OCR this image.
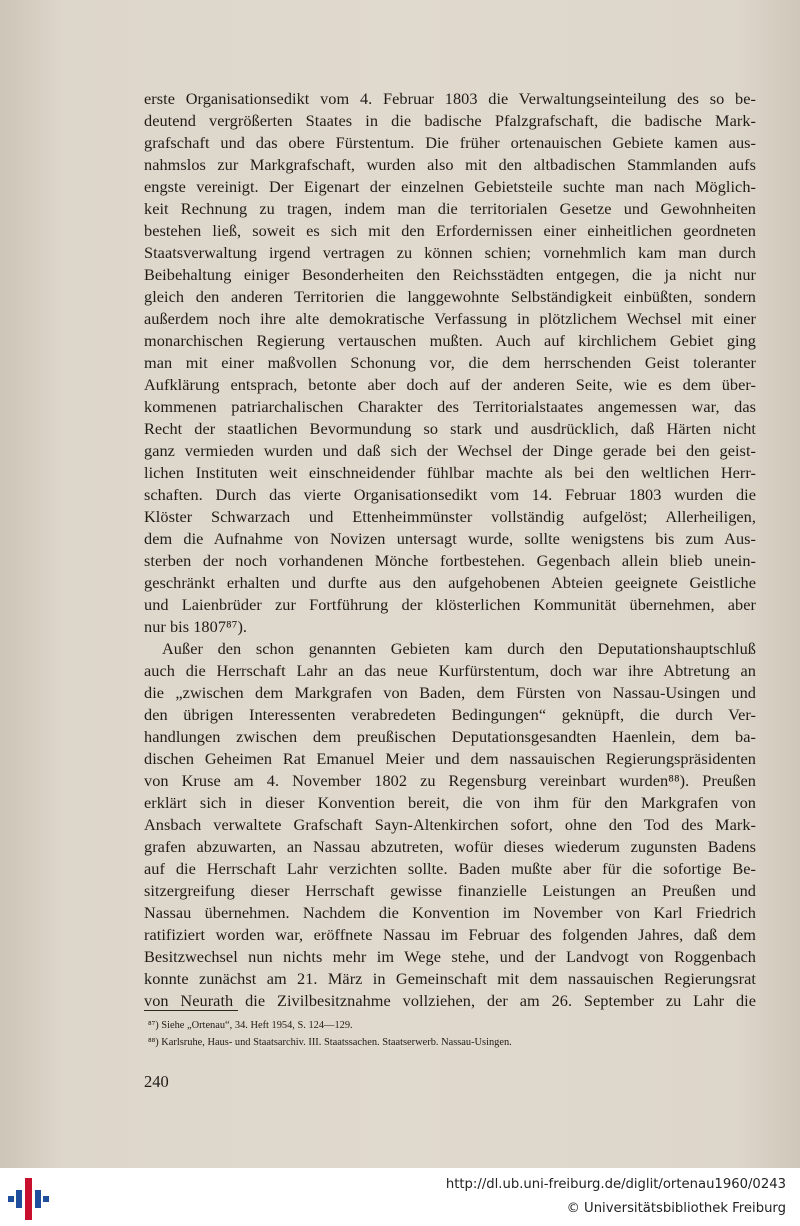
erste Organisationsedikt vom 4. Februar 1803 die Verwaltungseinteilung des so be-
deutend vergrößerten Staates in die badische Pfalzgrafschaft, die badische Mark-
grafschaft und das obere Fürstentum. Die früher ortenauischen Gebiete kamen aus-
nahmslos zur Markgrafschaft, wurden also mit den altbadischen Stammlanden aufs
engste vereinigt. Der Eigenart der einzelnen Gebietsteile suchte man nach Möglich-
keit Rechnung zu tragen, indem man die territorialen Gesetze und Gewohnheiten
bestehen ließ, soweit es sich mit den Erfordernissen einer einheitlichen geordneten
Staatsverwaltung irgend vertragen zu können schien; vornehmlich kam man durch
Beibehaltung einiger Besonderheiten den Reichsstädten entgegen, die ja nicht nur
gleich den anderen Territorien die langgewohnte Selbständigkeit einbüßten, sondern
außerdem noch ihre alte demokratische Verfassung in plötzlichem Wechsel mit einer
monarchischen Regierung vertauschen mußten. Auch auf kirchlichem Gebiet ging
man mit einer maßvollen Schonung vor, die dem herrschenden Geist toleranter
Aufklärung entsprach, betonte aber doch auf der anderen Seite, wie es dem über-
kommenen patriarchalischen Charakter des Territorialstaates angemessen war, das
Recht der staatlichen Bevormundung so stark und ausdrücklich, daß Härten nicht
ganz vermieden wurden und daß sich der Wechsel der Dinge gerade bei den geist-
lichen Instituten weit einschneidender fühlbar machte als bei den weltlichen Herr-
schaften. Durch das vierte Organisationsedikt vom 14. Februar 1803 wurden die
Klöster Schwarzach und Ettenheimmünster vollständig aufgelöst; Allerheiligen,
dem die Aufnahme von Novizen untersagt wurde, sollte wenigstens bis zum Aus-
sterben der noch vorhandenen Mönche fortbestehen. Gegenbach allein blieb unein-
geschränkt erhalten und durfte aus den aufgehobenen Abteien geeignete Geistliche
und Laienbrüder zur Fortführung der klösterlichen Kommunität übernehmen, aber
nur bis 1807⁸⁷).
Außer den schon genannten Gebieten kam durch den Deputationshauptschluß
auch die Herrschaft Lahr an das neue Kurfürstentum, doch war ihre Abtretung an
die „zwischen dem Markgrafen von Baden, dem Fürsten von Nassau-Usingen und
den übrigen Interessenten verabredeten Bedingungen“ geknüpft, die durch Ver-
handlungen zwischen dem preußischen Deputationsgesandten Haenlein, dem ba-
dischen Geheimen Rat Emanuel Meier und dem nassauischen Regierungspräsidenten
von Kruse am 4. November 1802 zu Regensburg vereinbart wurden⁸⁸). Preußen
erklärt sich in dieser Konvention bereit, die von ihm für den Markgrafen von
Ansbach verwaltete Grafschaft Sayn-Altenkirchen sofort, ohne den Tod des Mark-
grafen abzuwarten, an Nassau abzutreten, wofür dieses wiederum zugunsten Badens
auf die Herrschaft Lahr verzichten sollte. Baden mußte aber für die sofortige Be-
sitzergreifung dieser Herrschaft gewisse finanzielle Leistungen an Preußen und
Nassau übernehmen. Nachdem die Konvention im November von Karl Friedrich
ratifiziert worden war, eröffnete Nassau im Februar des folgenden Jahres, daß dem
Besitzwechsel nun nichts mehr im Wege stehe, und der Landvogt von Roggenbach
konnte zunächst am 21. März in Gemeinschaft mit dem nassauischen Regierungsrat
von Neurath die Zivilbesitznahme vollziehen, der am 26. September zu Lahr die
⁸⁷) Siehe „Ortenau“, 34. Heft 1954, S. 124—129.
⁸⁸) Karlsruhe, Haus- und Staatsarchiv. III. Staatssachen. Staatserwerb. Nassau-Usingen.
240
http://dl.ub.uni-freiburg.de/diglit/ortenau1960/0243
© Universitätsbibliothek Freiburg
